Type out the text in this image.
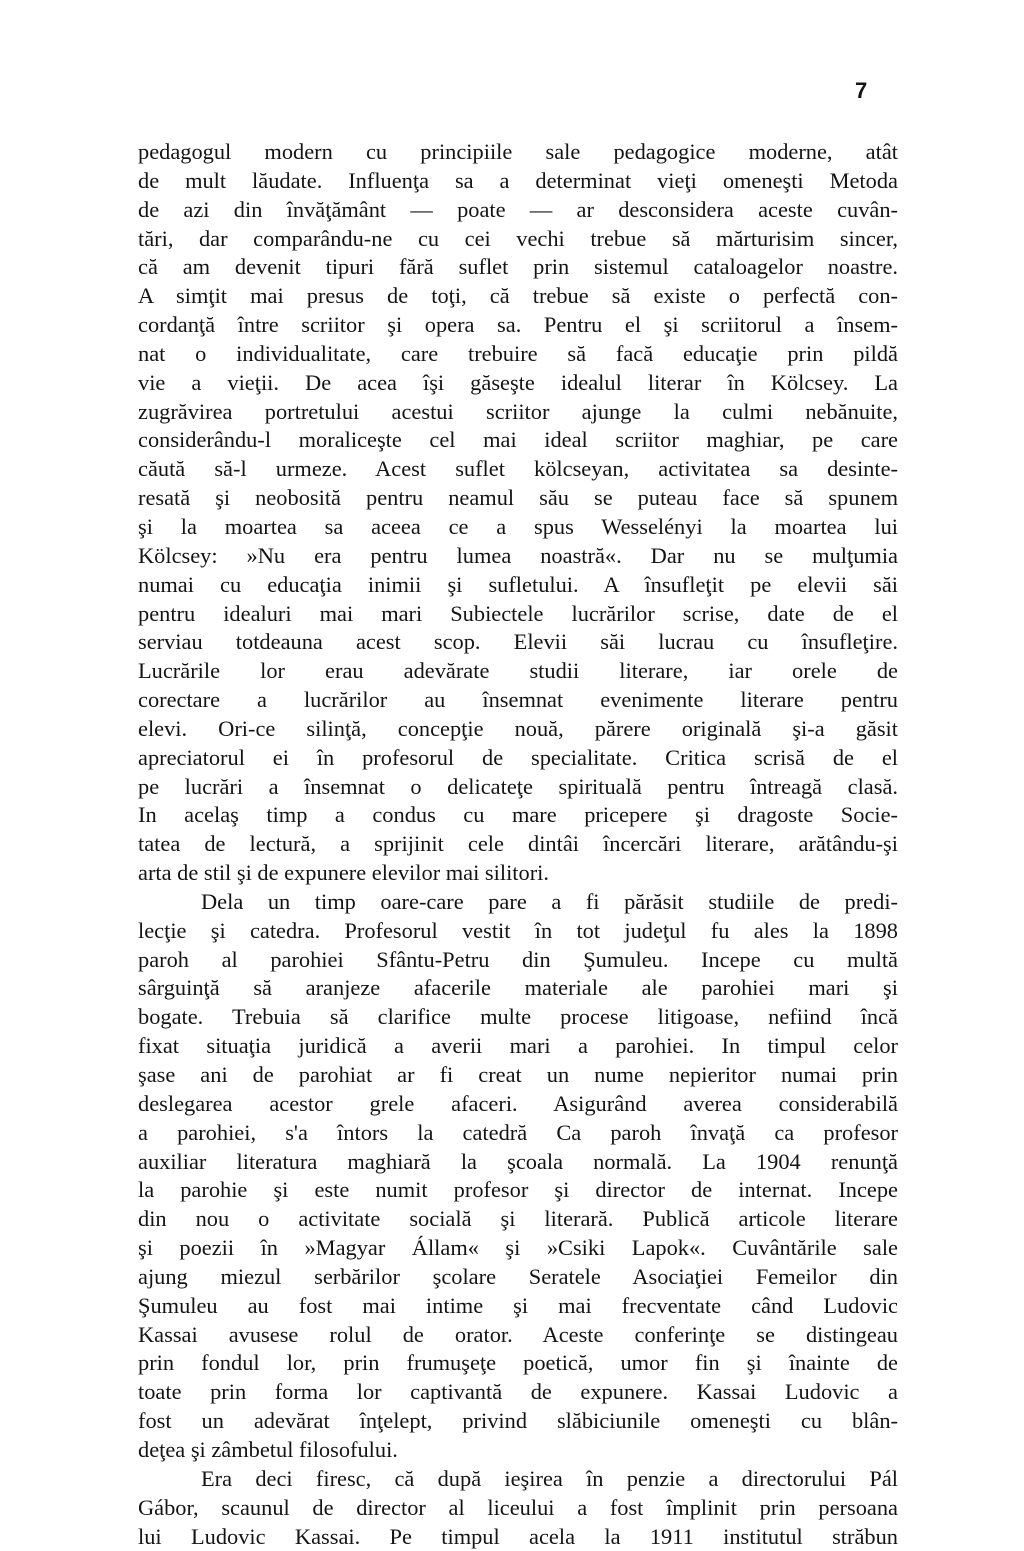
7
pedagogul modern cu principiile sale pedagogice moderne, atât
de mult lăudate. Influenţa sa a determinat vieţi omeneşti Metoda
de azi din învăţământ — poate — ar desconsidera aceste cuvân-
tări, dar comparându-ne cu cei vechi trebue să mărturisim sincer,
că am devenit tipuri fără suflet prin sistemul cataloagelor noastre.
A simţit mai presus de toţi, că trebue să existe o perfectă con-
cordanţă între scriitor şi opera sa. Pentru el şi scriitorul a însem-
nat o individualitate, care trebuire să facă educaţie prin pildă
vie a vieţii. De acea îşi găseşte idealul literar în Kölcsey. La
zugrăvirea portretului acestui scriitor ajunge la culmi nebănuite,
considerându-l moraliceşte cel mai ideal scriitor maghiar, pe care
căută să-l urmeze. Acest suflet kölcseyan, activitatea sa desinte-
resată şi neobosită pentru neamul său se puteau face să spunem
şi la moartea sa aceea ce a spus Wesselényi la moartea lui
Kölcsey: »Nu era pentru lumea noastră«. Dar nu se mulţumia
numai cu educaţia inimii şi sufletului. A însufleţit pe elevii săi
pentru idealuri mai mari Subiectele lucrărilor scrise, date de el
serviau totdeauna acest scop. Elevii săi lucrau cu însufleţire.
Lucrările lor erau adevărate studii literare, iar orele de
corectare a lucrărilor au însemnat evenimente literare pentru
elevi. Ori-ce silinţă, concepţie nouă, părere originală şi-a găsit
apreciatorul ei în profesorul de specialitate. Critica scrisă de el
pe lucrări a însemnat o delicateţe spirituală pentru întreagă clasă.
In acelaş timp a condus cu mare pricepere şi dragoste Socie-
tatea de lectură, a sprijinit cele dintâi încercări literare, arătându-şi
arta de stil şi de expunere elevilor mai silitori.
Dela un timp oare-care pare a fi părăsit studiile de predi-
lecţie şi catedra. Profesorul vestit în tot judeţul fu ales la 1898
paroh al parohiei Sfântu-Petru din Şumuleu. Incepe cu multă
sârguinţă să aranjeze afacerile materiale ale parohiei mari şi
bogate. Trebuia să clarifice multe procese litigoase, nefiind încă
fixat situaţia juridică a averii mari a parohiei. In timpul celor
şase ani de parohiat ar fi creat un nume nepieritor numai prin
deslegarea acestor grele afaceri. Asigurând averea considerabilă
a parohiei, s'a întors la catedră Ca paroh învaţă ca profesor
auxiliar literatura maghiară la şcoala normală. La 1904 renunţă
la parohie şi este numit profesor şi director de internat. Incepe
din nou o activitate socială şi literară. Publică articole literare
şi poezii în »Magyar Állam« şi »Csiki Lapok«. Cuvântările sale
ajung miezul serbărilor şcolare Seratele Asociaţiei Femeilor din
Şumuleu au fost mai intime şi mai frecventate când Ludovic
Kassai avusese rolul de orator. Aceste conferinţe se distingeau
prin fondul lor, prin frumuşeţe poetică, umor fin şi înainte de
toate prin forma lor captivantă de expunere. Kassai Ludovic a
fost un adevărat înţelept, privind slăbiciunile omeneşti cu blân-
deţea şi zâmbetul filosofului.
Era deci firesc, că după ieşirea în penzie a directorului Pál
Gábor, scaunul de director al liceului a fost împlinit prin persoana
lui Ludovic Kassai. Pe timpul acela la 1911 institutul străbun
